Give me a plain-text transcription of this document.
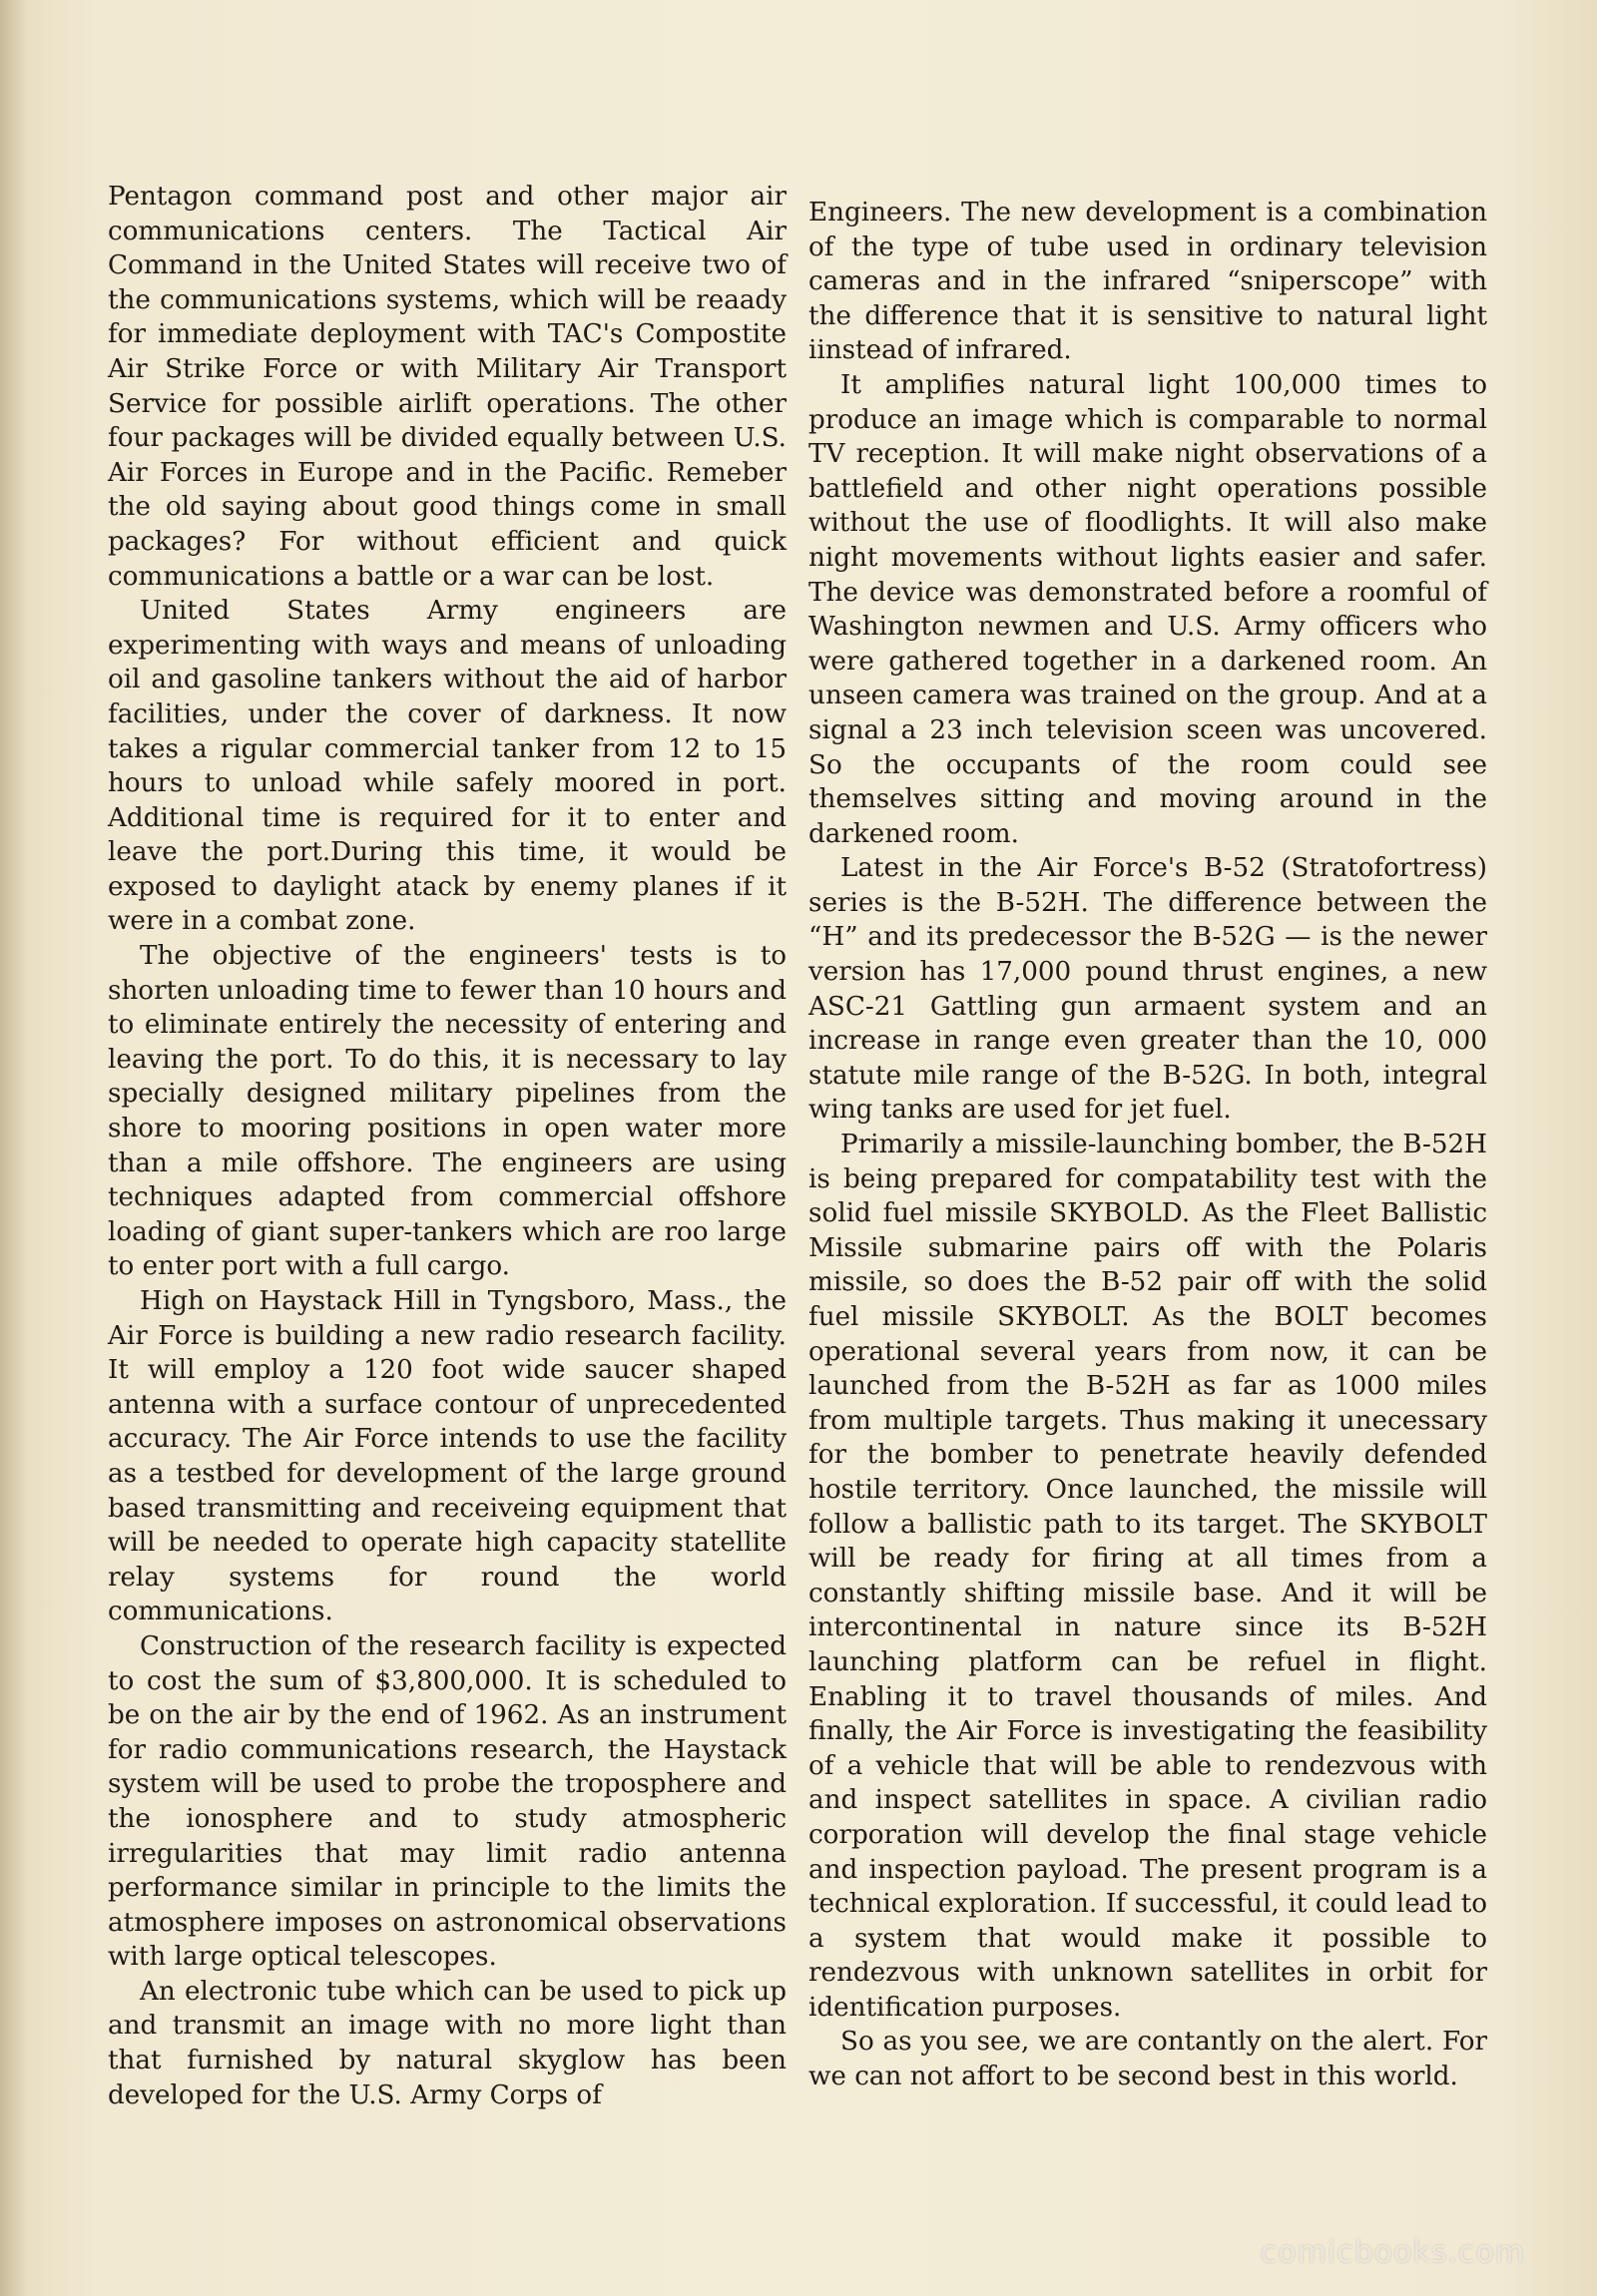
Pentagon command post and other major air communications centers. The Tactical Air Command in the United States will receive two of the communications systems, which will be reaady for immediate deployment with TAC's Compostite Air Strike Force or with Military Air Transport Service for possible airlift operations. The other four packages will be divided equally between U.S. Air Forces in Europe and in the Pacific. Remeber the old saying about good things come in small packages? For without efficient and quick communications a battle or a war can be lost.

United States Army engineers are experimenting with ways and means of unloading oil and gasoline tankers without the aid of harbor facilities, under the cover of darkness. It now takes a rigular commercial tanker from 12 to 15 hours to unload while safely moored in port. Additional time is required for it to enter and leave the port.During this time, it would be exposed to daylight atack by enemy planes if it were in a combat zone.

The objective of the engineers' tests is to shorten unloading time to fewer than 10 hours and to eliminate entirely the necessity of entering and leaving the port. To do this, it is necessary to lay specially designed military pipelines from the shore to mooring positions in open water more than a mile offshore. The engineers are using techniques adapted from commercial offshore loading of giant super-tankers which are roo large to enter port with a full cargo.

High on Haystack Hill in Tyngsboro, Mass., the Air Force is building a new radio research facility. It will employ a 120 foot wide saucer shaped antenna with a surface contour of unprecedented accuracy. The Air Force intends to use the facility as a testbed for development of the large ground based transmitting and receiveing equipment that will be needed to operate high capacity statellite relay systems for round the world communications.

Construction of the research facility is expected to cost the sum of $3,800,000. It is scheduled to be on the air by the end of 1962. As an instrument for radio communications research, the Haystack system will be used to probe the troposphere and the ionosphere and to study atmospheric irregularities that may limit radio antenna performance similar in principle to the limits the atmosphere imposes on astronomical observations with large optical telescopes.

An electronic tube which can be used to pick up and transmit an image with no more light than that furnished by natural skyglow has been developed for the U.S. Army Corps of

Engineers. The new development is a combination of the type of tube used in ordinary television cameras and in the infrared “sniperscope” with the difference that it is sensitive to natural light iinstead of infrared.

It amplifies natural light 100,000 times to produce an image which is comparable to normal TV reception. It will make night observations of a battlefield and other night operations possible without the use of floodlights. It will also make night movements without lights easier and safer. The device was demonstrated before a roomful of Washington newmen and U.S. Army officers who were gathered together in a darkened room. An unseen camera was trained on the group. And at a signal a 23 inch television sceen was uncovered. So the occupants of the room could see themselves sitting and moving around in the darkened room.

Latest in the Air Force's B-52 (Stratofortress) series is the B-52H. The difference between the “H” and its predecessor the B-52G — is the newer version has 17,000 pound thrust engines, a new ASC-21 Gattling gun armaent system and an increase in range even greater than the 10, 000 statute mile range of the B-52G. In both, integral wing tanks are used for jet fuel.

Primarily a missile-launching bomber, the B-52H is being prepared for compatability test with the solid fuel missile SKYBOLD. As the Fleet Ballistic Missile submarine pairs off with the Polaris missile, so does the B-52 pair off with the solid fuel missile SKYBOLT. As the BOLT becomes operational several years from now, it can be launched from the B-52H as far as 1000 miles from multiple targets. Thus making it unecessary for the bomber to penetrate heavily defended hostile territory. Once launched, the missile will follow a ballistic path to its target. The SKYBOLT will be ready for firing at all times from a constantly shifting missile base. And it will be intercontinental in nature since its B-52H launching platform can be refuel in flight. Enabling it to travel thousands of miles. And finally, the Air Force is investigating the feasibility of a vehicle that will be able to rendezvous with and inspect satellites in space. A civilian radio corporation will develop the final stage vehicle and inspection payload. The present program is a technical exploration. If successful, it could lead to a system that would make it possible to rendezvous with unknown satellites in orbit for identification purposes.

So as you see, we are contantly on the alert. For we can not affort to be second best in this world.

comicbooks.com
